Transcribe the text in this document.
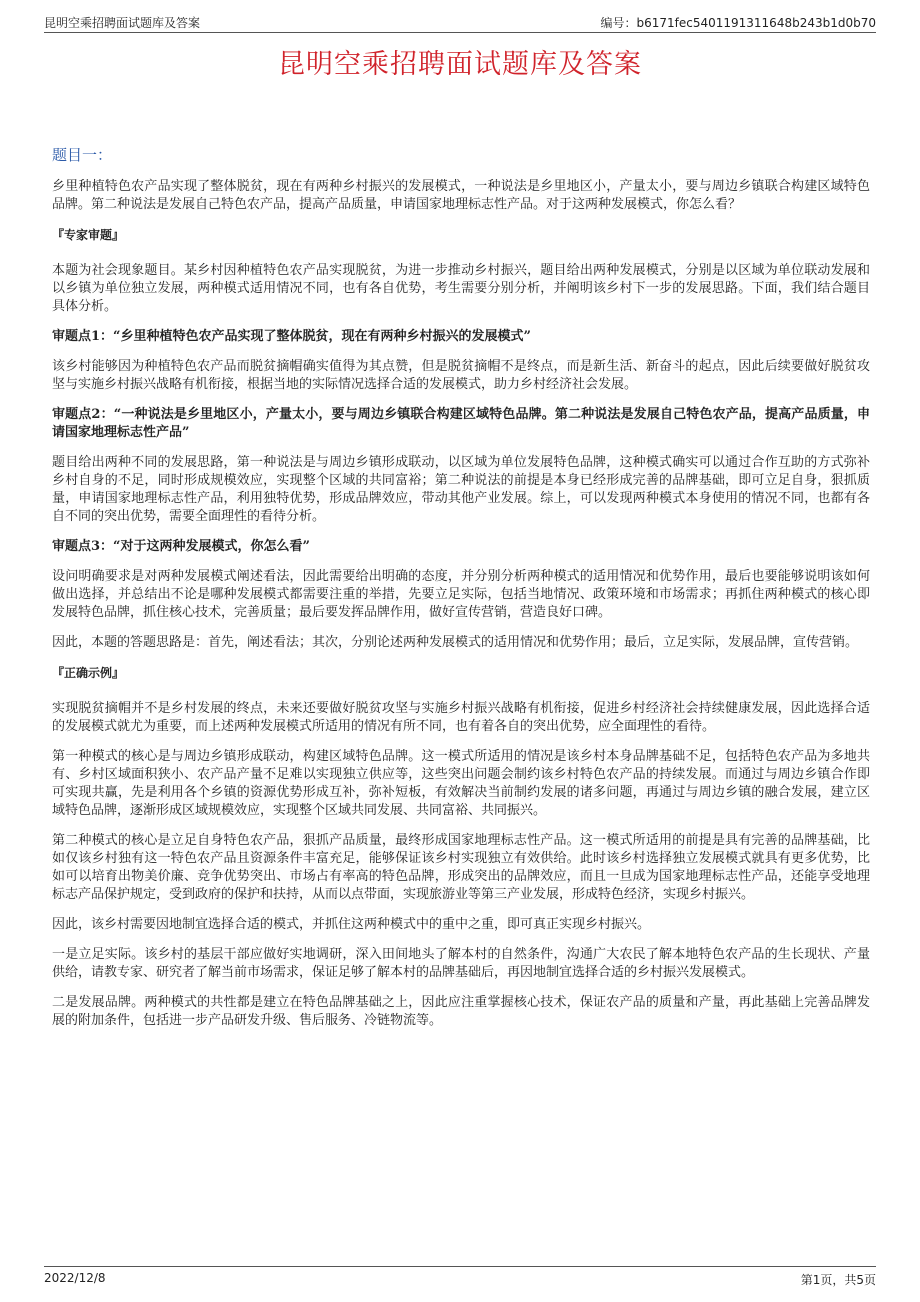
昆明空乘招聘面试题库及答案	编号：b6171fec5401191311648b243b1d0b70
昆明空乘招聘面试题库及答案
题目一：

乡里种植特色农产品实现了整体脱贫，现在有两种乡村振兴的发展模式，一种说法是乡里地区小，产量太小，要与周边乡镇联合构建区域特色品牌。第二种说法是发展自己特色农产品，提高产品质量，申请国家地理标志性产品。对于这两种发展模式，你怎么看？

『专家审题』

本题为社会现象题目。某乡村因种植特色农产品实现脱贫，为进一步推动乡村振兴，题目给出两种发展模式，分别是以区域为单位联动发展和以乡镇为单位独立发展，两种模式适用情况不同，也有各自优势，考生需要分别分析，并阐明该乡村下一步的发展思路。下面，我们结合题目具体分析。

审题点1：“乡里种植特色农产品实现了整体脱贫，现在有两种乡村振兴的发展模式”

该乡村能够因为种植特色农产品而脱贫摘帽确实值得为其点赞，但是脱贫摘帽不是终点，而是新生活、新奋斗的起点，因此后续要做好脱贫攻坚与实施乡村振兴战略有机衔接，根据当地的实际情况选择合适的发展模式，助力乡村经济社会发展。

审题点2：“一种说法是乡里地区小，产量太小，要与周边乡镇联合构建区域特色品牌。第二种说法是发展自己特色农产品，提高产品质量，申请国家地理标志性产品”

题目给出两种不同的发展思路，第一种说法是与周边乡镇形成联动，以区域为单位发展特色品牌，这种模式确实可以通过合作互助的方式弥补乡村自身的不足，同时形成规模效应，实现整个区域的共同富裕；第二种说法的前提是本身已经形成完善的品牌基础，即可立足自身，狠抓质量，申请国家地理标志性产品，利用独特优势，形成品牌效应，带动其他产业发展。综上，可以发现两种模式本身使用的情况不同，也都有各自不同的突出优势，需要全面理性的看待分析。

审题点3：“对于这两种发展模式，你怎么看”

设问明确要求是对两种发展模式阐述看法，因此需要给出明确的态度，并分别分析两种模式的适用情况和优势作用，最后也要能够说明该如何做出选择，并总结出不论是哪种发展模式都需要注重的举措，先要立足实际，包括当地情况、政策环境和市场需求；再抓住两种模式的核心即发展特色品牌，抓住核心技术，完善质量；最后要发挥品牌作用，做好宣传营销，营造良好口碑。

因此，本题的答题思路是：首先，阐述看法；其次，分别论述两种发展模式的适用情况和优势作用；最后，立足实际，发展品牌，宣传营销。

『正确示例』

实现脱贫摘帽并不是乡村发展的终点，未来还要做好脱贫攻坚与实施乡村振兴战略有机衔接，促进乡村经济社会持续健康发展，因此选择合适的发展模式就尤为重要，而上述两种发展模式所适用的情况有所不同，也有着各自的突出优势，应全面理性的看待。

第一种模式的核心是与周边乡镇形成联动，构建区域特色品牌。这一模式所适用的情况是该乡村本身品牌基础不足，包括特色农产品为多地共有、乡村区域面积狭小、农产品产量不足难以实现独立供应等，这些突出问题会制约该乡村特色农产品的持续发展。而通过与周边乡镇合作即可实现共赢，先是利用各个乡镇的资源优势形成互补，弥补短板，有效解决当前制约发展的诸多问题，再通过与周边乡镇的融合发展，建立区域特色品牌，逐渐形成区域规模效应，实现整个区域共同发展、共同富裕、共同振兴。

第二种模式的核心是立足自身特色农产品，狠抓产品质量，最终形成国家地理标志性产品。这一模式所适用的前提是具有完善的品牌基础，比如仅该乡村独有这一特色农产品且资源条件丰富充足，能够保证该乡村实现独立有效供给。此时该乡村选择独立发展模式就具有更多优势，比如可以培育出物美价廉、竞争优势突出、市场占有率高的特色品牌，形成突出的品牌效应，而且一旦成为国家地理标志性产品，还能享受地理标志产品保护规定，受到政府的保护和扶持，从而以点带面，实现旅游业等第三产业发展，形成特色经济，实现乡村振兴。

因此，该乡村需要因地制宜选择合适的模式，并抓住这两种模式中的重中之重，即可真正实现乡村振兴。

一是立足实际。该乡村的基层干部应做好实地调研，深入田间地头了解本村的自然条件，沟通广大农民了解本地特色农产品的生长现状、产量供给，请教专家、研究者了解当前市场需求，保证足够了解本村的品牌基础后，再因地制宜选择合适的乡村振兴发展模式。

二是发展品牌。两种模式的共性都是建立在特色品牌基础之上，因此应注重掌握核心技术，保证农产品的质量和产量，再此基础上完善品牌发展的附加条件，包括进一步产品研发升级、售后服务、冷链物流等。

2022/12/8	第1页，共5页
